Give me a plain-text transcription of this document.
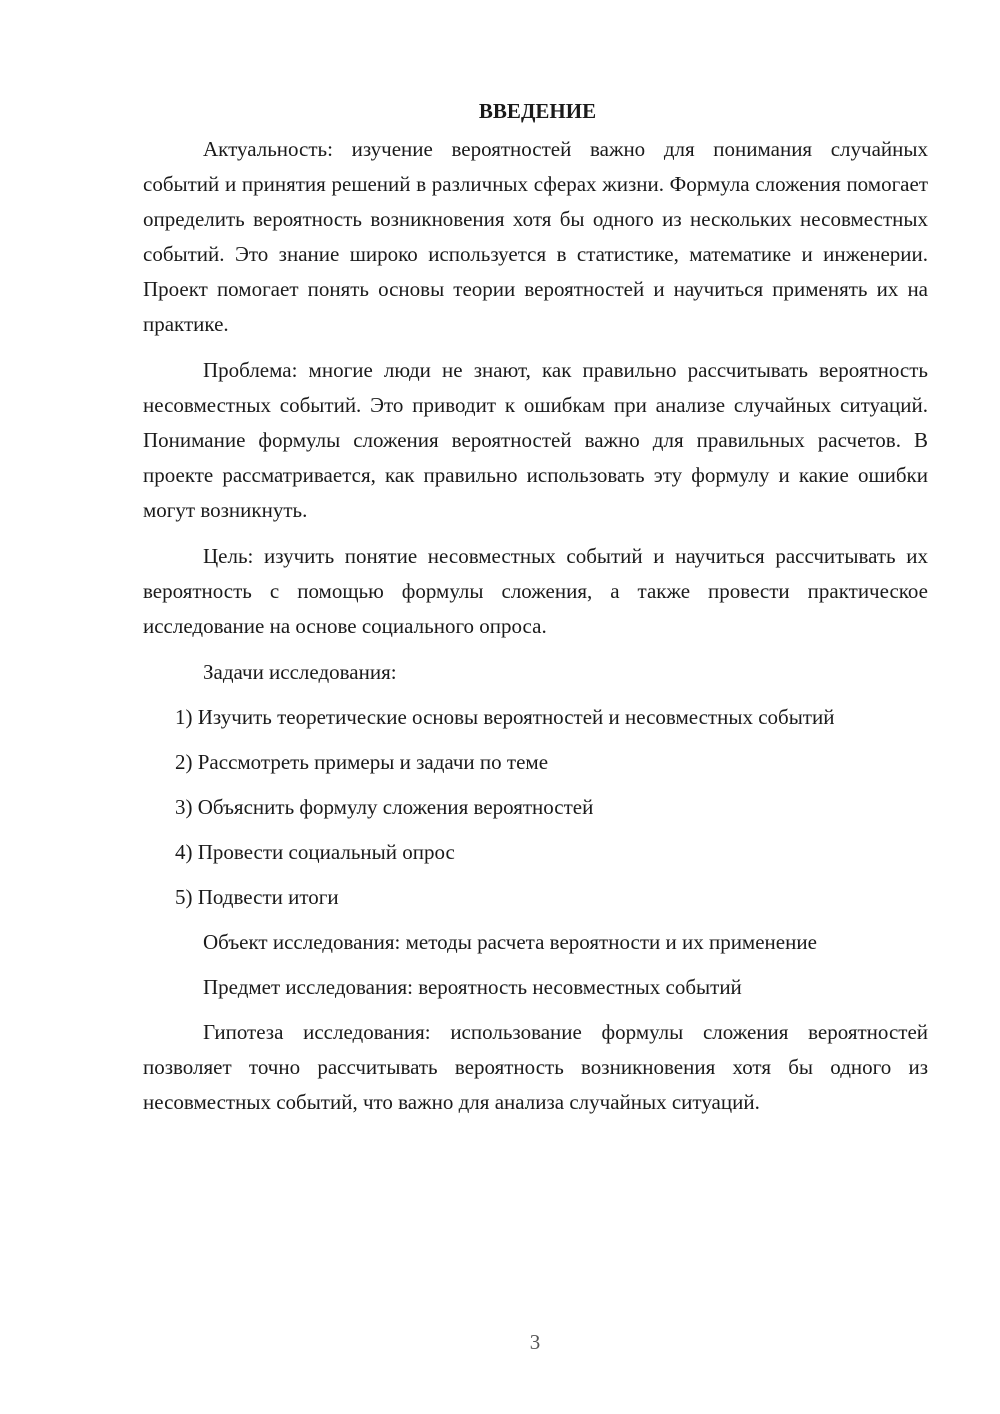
ВВЕДЕНИЕ

Актуальность: изучение вероятностей важно для понимания случайных событий и принятия решений в различных сферах жизни. Формула сложения помогает определить вероятность возникновения хотя бы одного из нескольких несовместных событий. Это знание широко используется в статистике, математике и инженерии. Проект помогает понять основы теории вероятностей и научиться применять их на практике.

Проблема: многие люди не знают, как правильно рассчитывать вероятность несовместных событий. Это приводит к ошибкам при анализе случайных ситуаций. Понимание формулы сложения вероятностей важно для правильных расчетов. В проекте рассматривается, как правильно использовать эту формулу и какие ошибки могут возникнуть.

Цель: изучить понятие несовместных событий и научиться рассчитывать их вероятность с помощью формулы сложения, а также провести практическое исследование на основе социального опроса.

Задачи исследования:

1) Изучить теоретические основы вероятностей и несовместных событий

2) Рассмотреть примеры и задачи по теме

3) Объяснить формулу сложения вероятностей

4) Провести социальный опрос

5) Подвести итоги

Объект исследования: методы расчета вероятности и их применение

Предмет исследования: вероятность несовместных событий

Гипотеза исследования: использование формулы сложения вероятностей позволяет точно рассчитывать вероятность возникновения хотя бы одного из несовместных событий, что важно для анализа случайных ситуаций.

3
